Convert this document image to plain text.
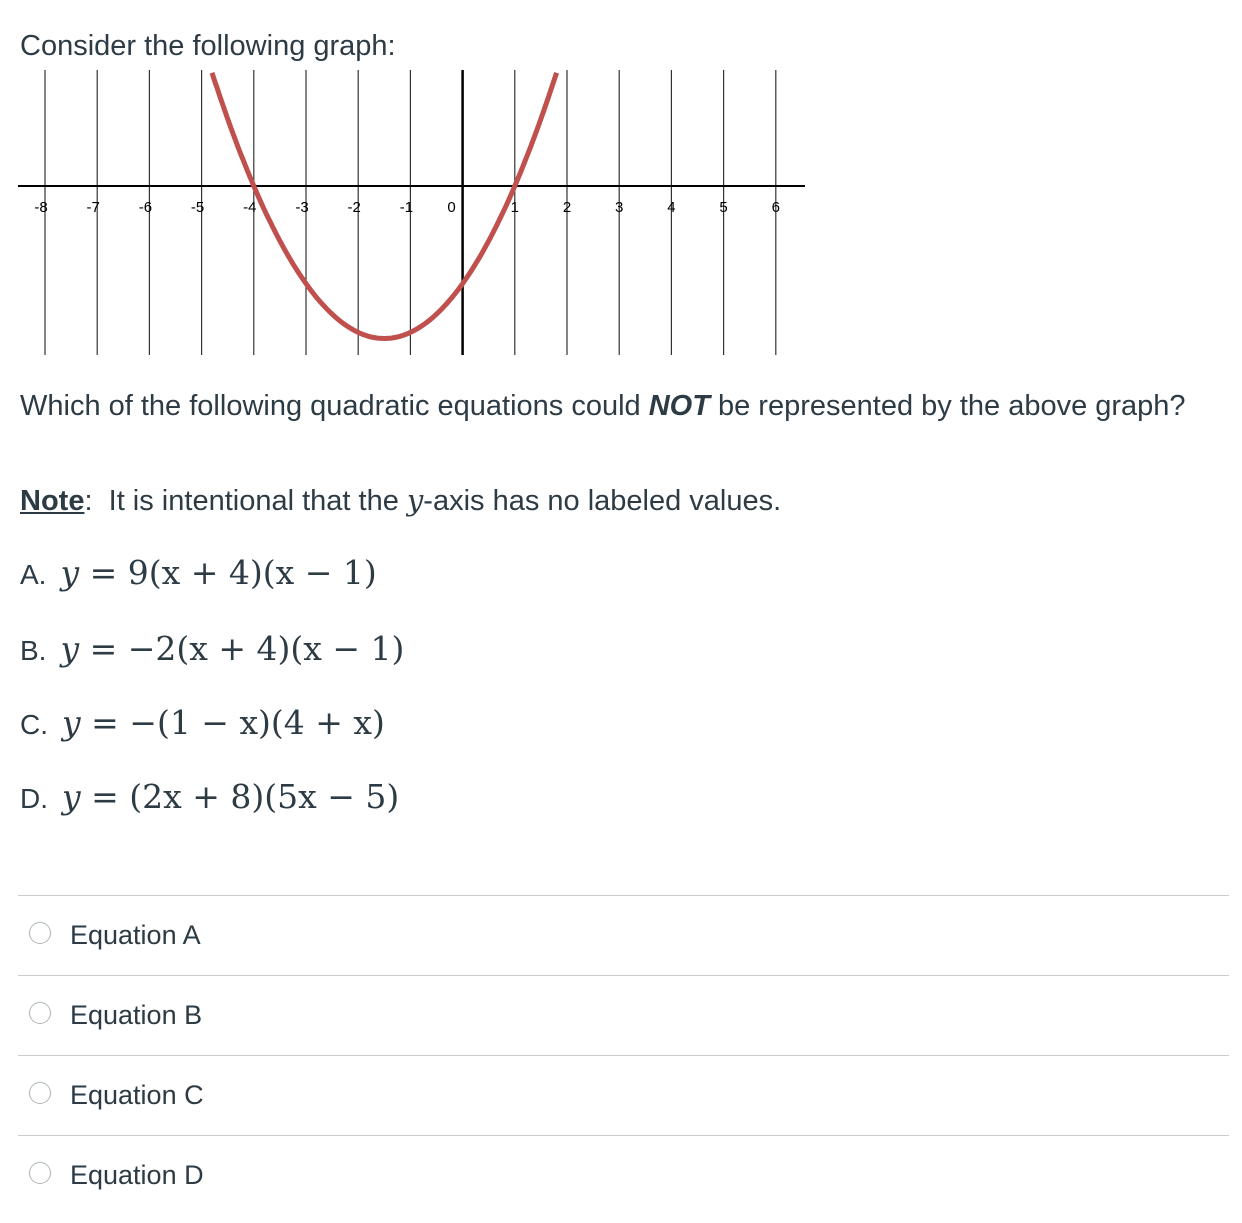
Consider the following graph:
-8	-7	-6	-5	-4	-3	-2	-1 0	1	2	3	4	5	6
Which of the following quadratic equations could NOT be represented by the above graph?
Note: It is intentional that the y-axis has no labeled values.
A. y = 9(x + 4)(x − 1)
B. y = −2(x + 4)(x − 1)
C. y = −(1 − x)(4 + x)
D. y = (2x + 8)(5x − 5)
Equation A
Equation B
Equation C
Equation D
